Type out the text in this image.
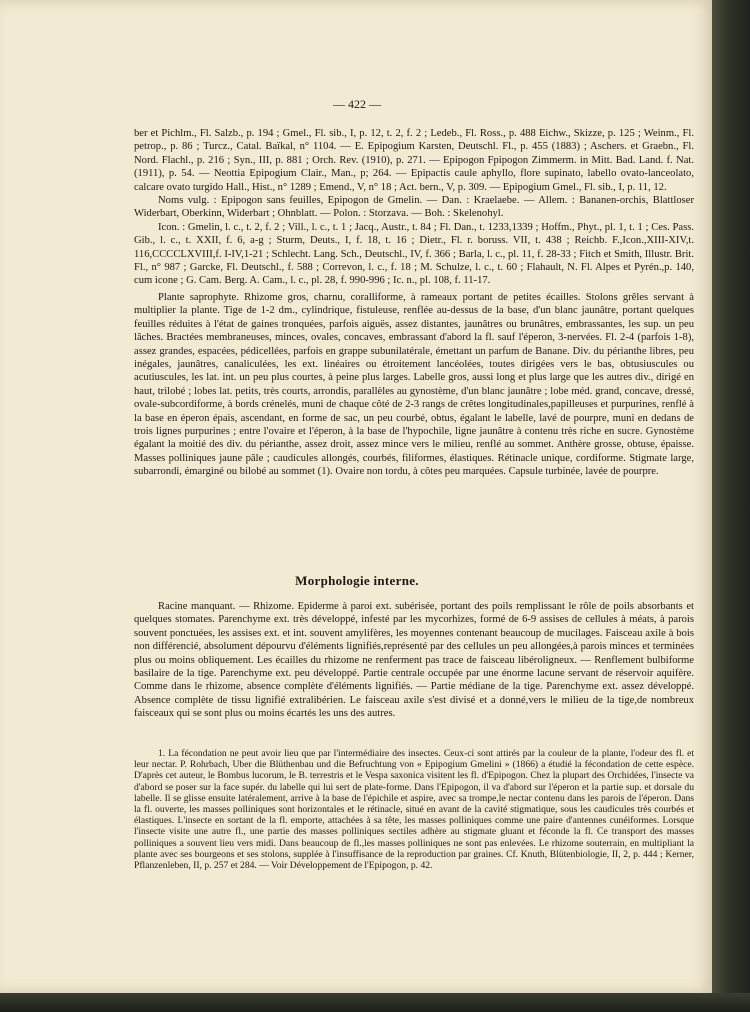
— 422 —

ber et Pichlm., Fl. Salzb., p. 194 ; Gmel., Fl. sib., I, p. 12, t. 2, f. 2 ; Ledeb., Fl. Ross., p. 488 Eichw., Skizze, p. 125 ; Weinm., Fl. petrop., p. 86 ; Turcz., Catal. Baïkal, n° 1104. — E. Epipogium Karsten, Deutschl. Fl., p. 455 (1883) ; Aschers. et Graebn., Fl. Nord. Flachl., p. 216 ; Syn., III, p. 881 ; Orch. Rev. (1910), p. 271. — Epipogon Fpipogon Zimmerm. in Mitt. Bad. Land. f. Nat. (1911), p. 54. — Neottia Epipogium Clair., Man., p; 264. — Epipactis caule aphyllo, flore supinato, labello ovato-lanceolato, calcare ovato turgido Hall., Hist., n° 1289 ; Emend., V, n° 18 ; Act. bern., V, p. 309. — Epipogium Gmel., Fl. sib., I, p. 11, 12.

Noms vulg. : Epipogon sans feuilles, Epipogon de Gmelin. — Dan. : Kraelaebe. — Allem. : Bananen-orchis, Blattloser Widerbart, Oberkinn, Widerbart ; Ohnblatt. — Polon. : Storzava. — Boh. : Skelenohyl.

Icon. : Gmelin, l. c., t. 2, f. 2 ; Vill., l. c., t. 1 ; Jacq., Austr., t. 84 ; Fl. Dan., t. 1233,1339 ; Hoffm., Phyt., pl. 1, t. 1 ; Ces. Pass. Gib., l. c., t. XXII, f. 6, a-g ; Sturm, Deuts., I, f. 18, t. 16 ; Dietr., Fl. r. boruss. VII, t. 438 ; Reichb. F.,Icon.,XIII-XIV,t. 116,CCCCLXVIII,f. I-IV,1-21 ; Schlecht. Lang. Sch., Deutschl., IV, f. 366 ; Barla, l. c., pl. 11, f. 28-33 ; Fitch et Smith, Illustr. Brit. Fl., n° 987 ; Garcke, Fl. Deutschl., f. 588 ; Correvon, l. c., f. 18 ; M. Schulze, l. c., t. 60 ; Flahault, N. Fl. Alpes et Pyrén.,p. 140, cum icone ; G. Cam. Berg. A. Cam., l. c., pl. 28, f. 990-996 ; Ic. n., pl. 108, f. 11-17.

Plante saprophyte. Rhizome gros, charnu, coralliforme, à rameaux portant de petites écailles. Stolons grêles servant à multiplier la plante. Tige de 1-2 dm., cylindrique, fistuleuse, renflée au-dessus de la base, d'un blanc jaunâtre, portant quelques feuilles réduites à l'état de gaines tronquées, parfois aiguës, assez distantes, jaunâtres ou brunâtres, embrassantes, les sup. un peu lâches. Bractées membraneuses, minces, ovales, concaves, embrassant d'abord la fl. sauf l'éperon, 3-nervées. Fl. 2-4 (parfois 1-8), assez grandes, espacées, pédicellées, parfois en grappe subunilatérale, émettant un parfum de Banane. Div. du périanthe libres, peu inégales, jaunâtres, canaliculées, les ext. linéaires ou étroitement lancéolées, toutes dirigées vers le bas, obtusiuscules ou acutiuscules, les lat. int. un peu plus courtes, à peine plus larges. Labelle gros, aussi long et plus large que les autres div., dirigé en haut, trilobé ; lobes lat. petits, très courts, arrondis, parallèles au gynostème, d'un blanc jaunâtre ; lobe méd. grand, concave, dressé, ovale-subcordiforme, à bords crénelés, muni de chaque côté de 2-3 rangs de crêtes longitudinales,papilleuses et purpurines, renflé à la base en éperon épais, ascendant, en forme de sac, un peu courbé, obtus, égalant le labelle, lavé de pourpre, muni en dedans de trois lignes purpurines ; entre l'ovaire et l'éperon, à la base de l'hypochile, ligne jaunâtre à contenu très riche en sucre. Gynostème égalant la moitié des div. du périanthe, assez droit, assez mince vers le milieu, renflé au sommet. Anthère grosse, obtuse, épaisse. Masses polliniques jaune pâle ; caudicules allongés, courbés, filiformes, élastiques. Rétinacle unique, cordiforme. Stigmate large, subarrondi, émarginé ou bilobé au sommet (1). Ovaire non tordu, à côtes peu marquées. Capsule turbinée, lavée de pourpre.

Morphologie interne.

Racine manquant. — Rhizome. Epiderme à paroi ext. subérisée, portant des poils remplissant le rôle de poils absorbants et quelques stomates. Parenchyme ext. très développé, infesté par les mycorhizes, formé de 6-9 assises de cellules à méats, à parois souvent ponctuées, les assises ext. et int. souvent amylifères, les moyennes contenant beaucoup de mucilages. Faisceau axile à bois non différencié, absolument dépourvu d'éléments lignifiés,représenté par des cellules un peu allongées,à parois minces et terminées plus ou moins obliquement. Les écailles du rhizome ne renferment pas trace de faisceau libéroligneux. — Renflement bulbiforme basilaire de la tige. Parenchyme ext. peu développé. Partie centrale occupée par une énorme lacune servant de réservoir aquifère. Comme dans le rhizome, absence complète d'éléments lignifiés. — Partie médiane de la tige. Parenchyme ext. assez développé. Absence complète de tissu lignifié extralibérien. Le faisceau axile s'est divisé et a donné,vers le milieu de la tige,de nombreux faisceaux qui se sont plus ou moins écartés les uns des autres.

1. La fécondation ne peut avoir lieu que par l'intermédiaire des insectes. Ceux-ci sont attirés par la couleur de la plante, l'odeur des fl. et leur nectar. P. Rohrbach, Uber die Blüthenbau und die Befruchtung von « Epipogium Gmelini » (1866) a étudié la fécondation de cette espèce. D'après cet auteur, le Bombus lucorum, le B. terrestris et le Vespa saxonica visitent les fl. d'Epipogon. Chez la plupart des Orchidées, l'insecte va d'abord se poser sur la face supér. du labelle qui lui sert de plate-forme. Dans l'Epipogon, il va d'abord sur l'éperon et la partie sup. et dorsale du labelle. Il se glisse ensuite latéralement, arrive à la base de l'épichile et aspire, avec sa trompe,le nectar contenu dans les parois de l'éperon. Dans la fl. ouverte, les masses polliniques sont horizontales et le rétinacle, situé en avant de la cavité stigmatique, sous les caudicules très courbés et élastiques. L'insecte en sortant de la fl. emporte, attachées à sa tête, les masses polliniques comme une paire d'antennes cunéiformes. Lorsque l'insecte visite une autre fl., une partie des masses polliniques sectiles adhère au stigmate gluant et féconde la fl. Ce transport des masses polliniques a souvent lieu vers midi. Dans beaucoup de fl.,les masses polliniques ne sont pas enlevées. Le rhizome souterrain, en multipliant la plante avec ses bourgeons et ses stolons, supplée à l'insuffisance de la reproduction par graines. Cf. Knuth, Blütenbiologie, II, 2, p. 444 ; Kerner, Pflanzenleben, II, p. 257 et 284. — Voir Développement de l'Epipogon, p. 42.
